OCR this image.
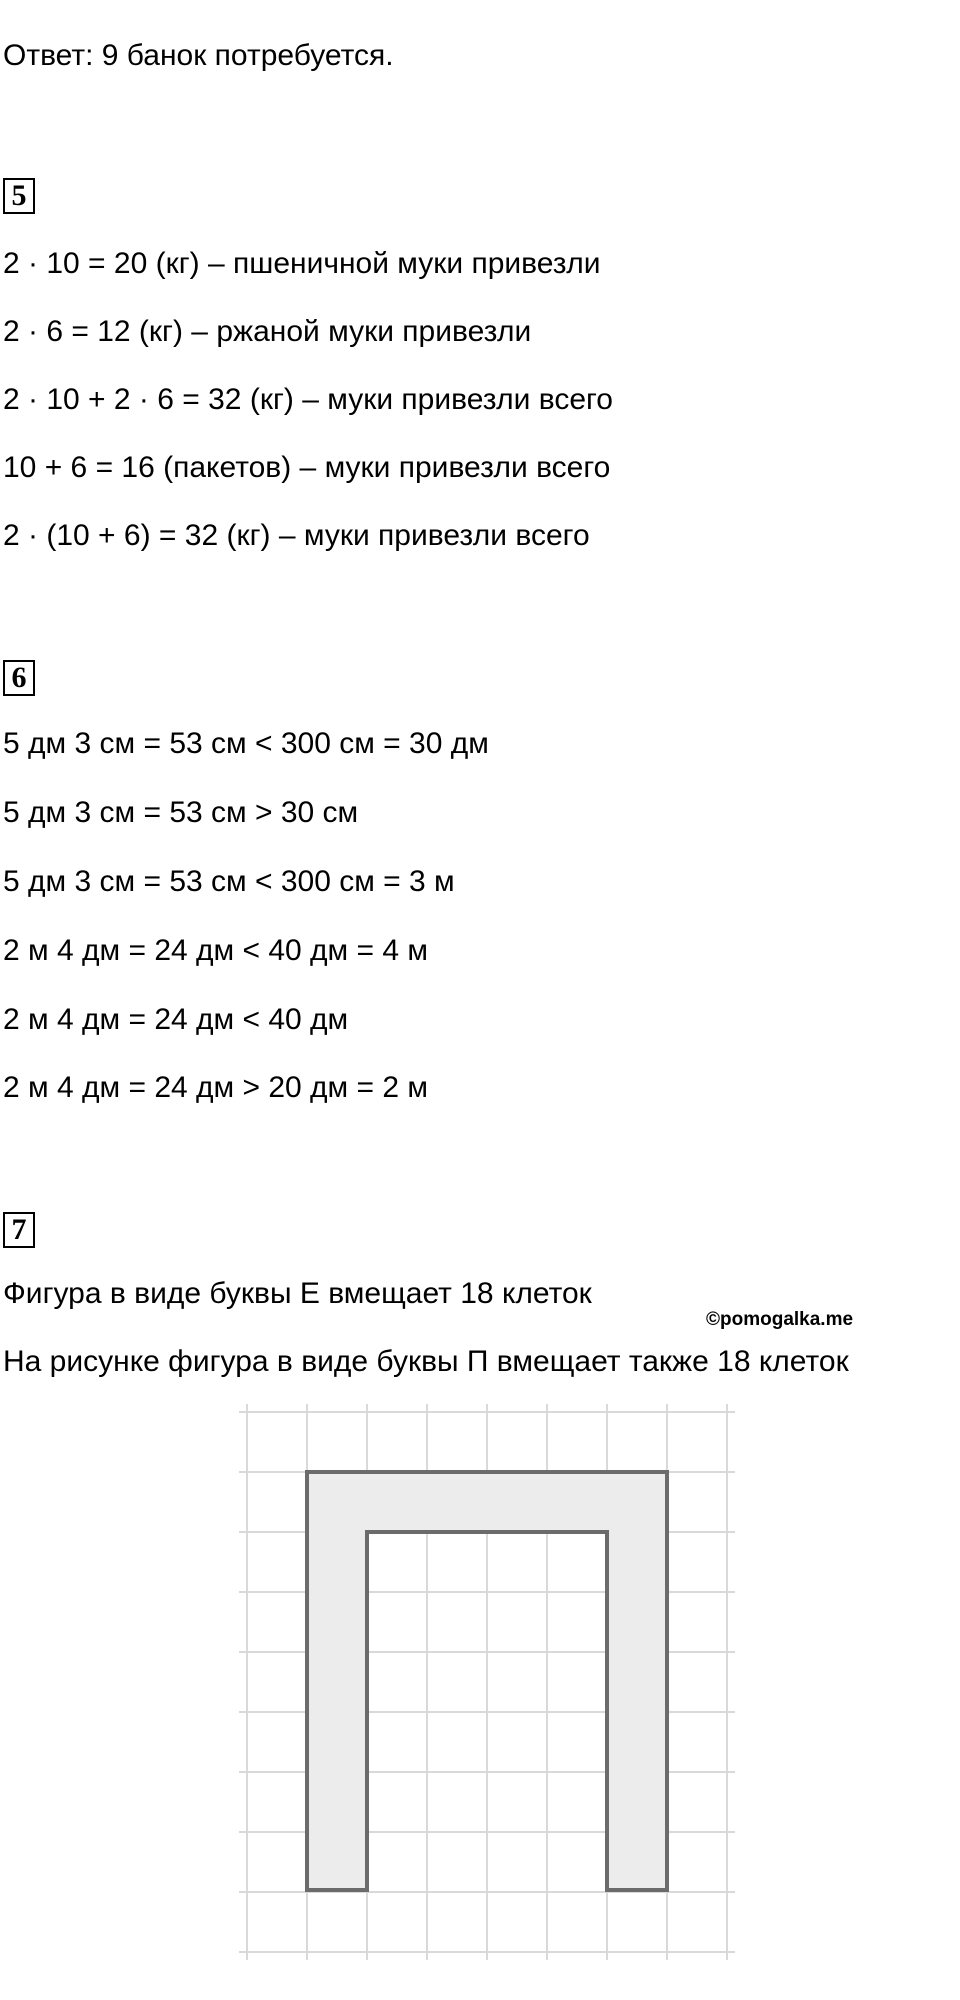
Ответ: 9 банок потребуется.
5
2 · 10 = 20 (кг) – пшеничной муки привезли
2 · 6 = 12 (кг) – ржаной муки привезли
2 · 10 + 2 · 6 = 32 (кг) – муки привезли всего
10 + 6 = 16 (пакетов) – муки привезли всего
2 · (10 + 6) = 32 (кг) – муки привезли всего
6
5 дм 3 см = 53 см < 300 см = 30 дм
5 дм 3 см = 53 см > 30 см
5 дм 3 см = 53 см < 300 см = 3 м
2 м 4 дм = 24 дм < 40 дм = 4 м
2 м 4 дм = 24 дм < 40 дм
2 м 4 дм = 24 дм > 20 дм = 2 м
7
Фигура в виде буквы Е вмещает 18 клеток
©pomogalka.me
На рисунке фигура в виде буквы П вмещает также 18 клеток
